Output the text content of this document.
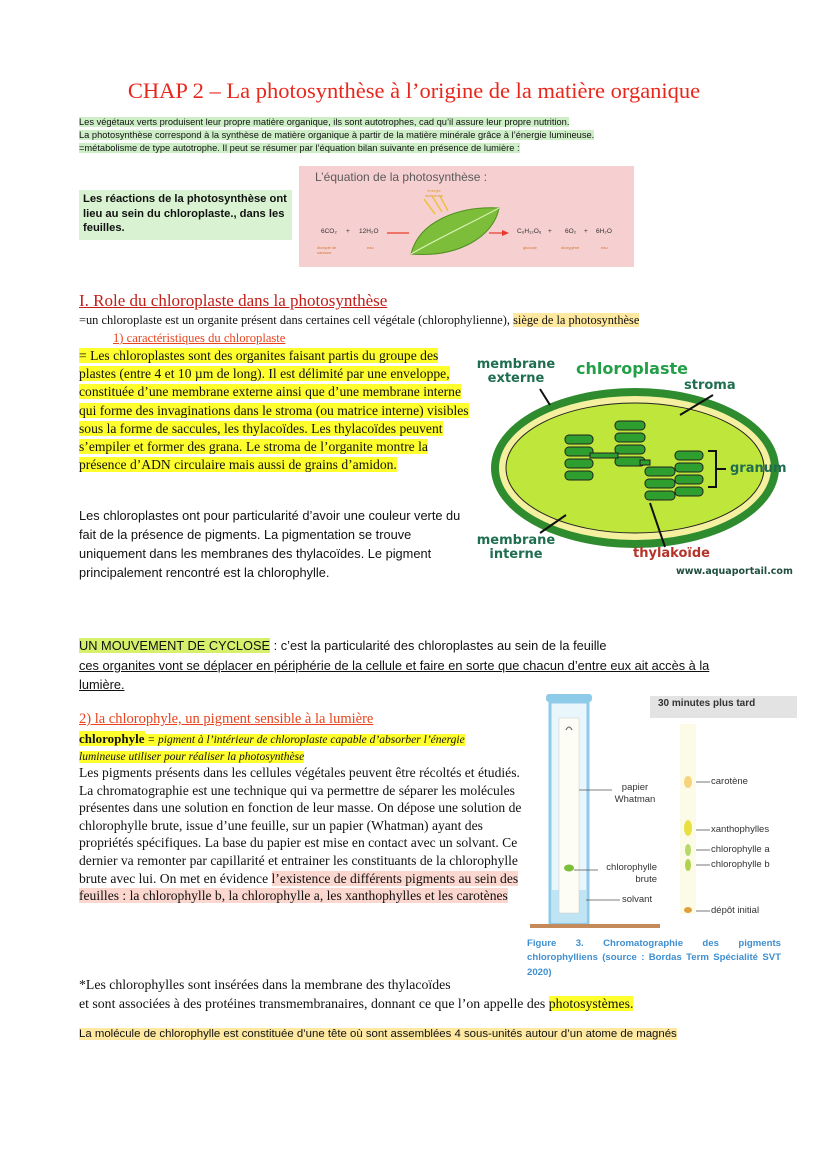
CHAP 2 – La photosynthèse à l’origine de la matière organique
Les végétaux verts produisent leur propre matière organique, ils sont autotrophes, cad qu’il assure leur propre nutrition.
La photosynthèse correspond à la synthèse de matière organique à partir de la matière minérale grâce à l’énergie lumineuse.
=métabolisme de type autotrophe. Il peut se résumer par l’équation bilan suivante en présence de lumière :
Les réactions de la photosynthèse ont lieu au sein du chloroplaste., dans les feuilles.
L’équation de la photosynthèse :
énergie lumineuse
6CO₂ + 12H₂O	C₆H₁₂O₆ + 6O₂ + 6H₂O
dioxyde de carbone
eau	glucose	dioxygène	eau
I. Role du chloroplaste dans la photosynthèse
=un chloroplaste est un organite présent dans certaines cell végétale (chlorophylienne), siège de la photosynthèse
1) caractéristiques du chloroplaste
= Les chloroplastes sont des organites faisant partis du groupe des plastes (entre 4 et 10 µm de long). Il est délimité par une enveloppe, constituée d’une membrane externe ainsi que d’une membrane interne qui forme des invaginations dans le stroma (ou matrice interne) visibles sous la forme de saccules, les thylacoïdes. Les thylacoïdes peuvent s’empiler et former des grana. Le stroma de l’organite montre la présence d’ADN circulaire mais aussi de grains d’amidon.
Les chloroplastes ont pour particularité d’avoir une couleur verte du fait de la présence de pigments. La pigmentation se trouve uniquement dans les membranes des thylacoïdes. Le pigment principalement rencontré est la chlorophylle.
membrane externe
chloroplaste
stroma
granum
membrane interne	thylakoïde
www.aquaportail.com
UN MOUVEMENT DE CYCLOSE : c’est la particularité des chloroplastes au sein de la feuille
ces organites vont se déplacer en périphérie de la cellule et faire en sorte que chacun d’entre eux ait accès à la lumière.
2) la chlorophyle, un pigment sensible à la lumière
chlorophyle = pigment à l’intérieur de chloroplaste capable d’absorber l’énergie lumineuse utiliser pour réaliser la photosynthèse
Les pigments présents dans les cellules végétales peuvent être récoltés et étudiés. La chromatographie est une technique qui va permettre de séparer les molécules présentes dans une solution en fonction de leur masse. On dépose une solution de chlorophylle brute, issue d’une feuille, sur un papier (Whatman) ayant des propriétés spécifiques. La base du papier est mise en contact avec un solvant. Ce dernier va remonter par capillarité et entrainer les constituants de la chlorophylle brute avec lui. On met en évidence l’existence de différents pigments au sein des feuilles : la chlorophylle b, la chlorophylle a, les xanthophylles et les carotènes
30 minutes plus tard
papier Whatman
chlorophylle brute
solvant
carotène
xanthophylles
chlorophylle a
chlorophylle b
dépôt initial
Figure 3. Chromatographie des pigments chlorophylliens (source : Bordas Term Spécialité SVT 2020)
*Les chlorophylles sont insérées dans la membrane des thylacoïdes
et sont associées à des protéines transmembranaires, donnant ce que l’on appelle des photosystèmes.
La molécule de chlorophylle est constituée d’une tête où sont assemblées 4 sous-unités autour d’un atome de magnés
